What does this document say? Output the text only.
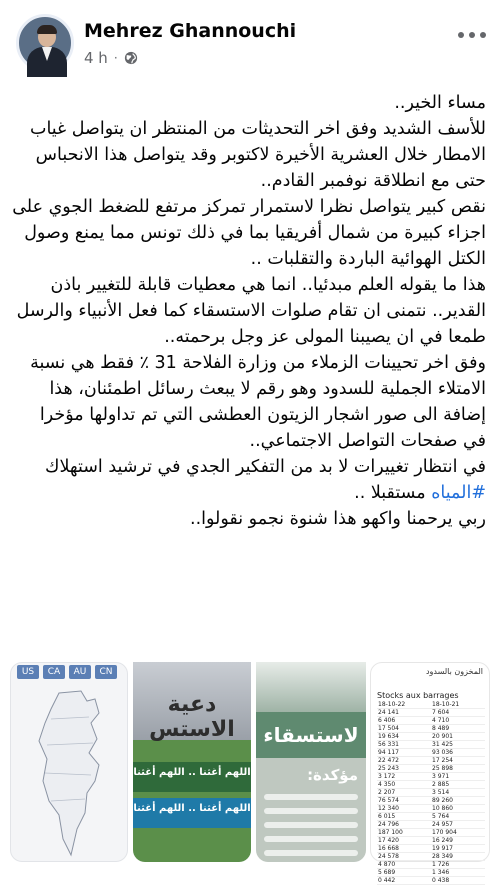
Mehrez Ghannouchi
4 h ·

مساء الخير..

للأسف الشديد وفق اخر التحديثات من المنتظر ان يتواصل غياب الامطار خلال العشرية الأخيرة لاكتوبر وقد يتواصل هذا الانحباس حتى مع انطلاقة نوفمبر القادم..

نقص كبير يتواصل نظرا لاستمرار تمركز مرتفع للضغط الجوي على اجزاء كبيرة من شمال أفريقيا بما في ذلك تونس مما يمنع وصول الكتل الهوائية الباردة والتقلبات ..

هذا ما يقوله العلم مبدئيا.. انما هي معطيات قابلة للتغيير باذن القدير.. نتمنى ان تقام صلوات الاستسقاء كما فعل الأنبياء والرسل طمعا في ان يصيبنا المولى عز وجل برحمته..

وفق اخر تحيينات الزملاء من وزارة الفلاحة 31 ٪ فقط هي نسبة الامتلاء الجملية للسدود وهو رقم لا يبعث رسائل اطمئنان، هذا إضافة الى صور اشجار الزيتون العطشى التي تم تداولها مؤخرا في صفحات التواصل الاجتماعي..

في انتظار تغييرات لا بد من التفكير الجدي في ترشيد استهلاك #المياه مستقبلا ..

ربي يرحمنا واكهو هذا شنوة نجمو نقولوا..

US	CA	AU	CN
دعية الاستس
اللهم أغثنا .. اللهم أغثنا
اللهم أغثنا .. اللهم أغثنا
لاستسقاء
مؤكدة:
المخزون بالسدود
Stocks aux barrages
18-10-22	18-10-21
24 141	7 604
6 406	4 710
17 504	8 489
19 634	20 901
56 331	31 425
94 117	93 036
22 472	17 254
25 243	25 898
3 172	3 971
4 350	2 885
2 207	3 514
76 574	89 260
12 340	10 860
6 015	5 764
24 796	24 957
187 100	170 904
17 420	16 249
16 668	19 917
24 578	28 349
4 870	1 726
5 689	1 346
0 442	0 438
